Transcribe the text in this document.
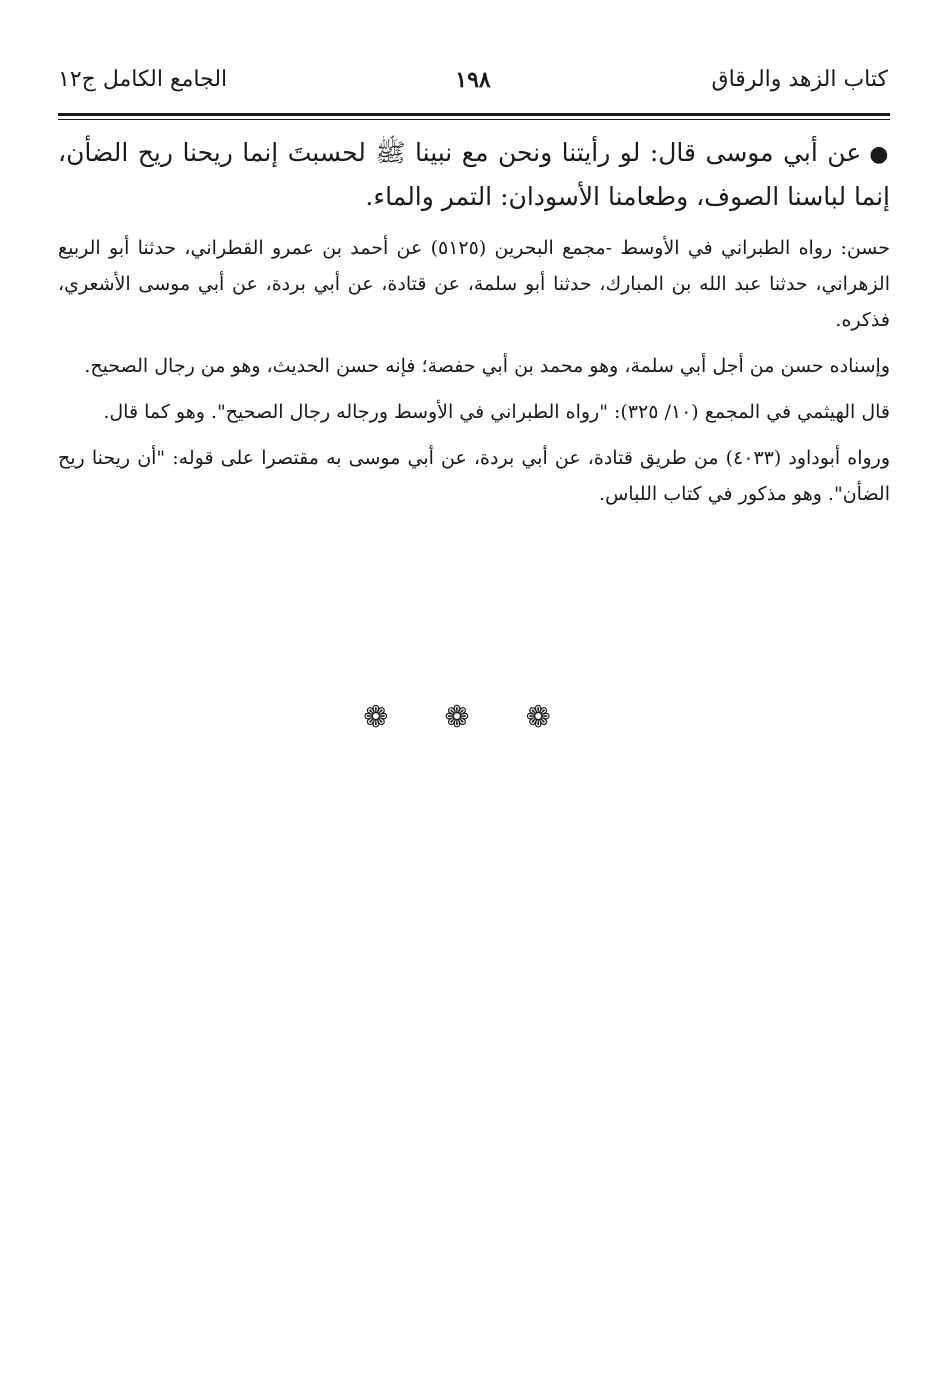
كتاب الزهد والرقاق
١٩٨
الجامع الكامل ج١٢

●عن أبي موسى قال: لو رأيتنا ونحن مع نبينا ﷺ لحسبتَ إنما ريحنا ريح الضأن، إنما لباسنا الصوف، وطعامنا الأسودان: التمر والماء.

حسن: رواه الطبراني في الأوسط -مجمع البحرين (٥١٢٥) عن أحمد بن عمرو القطراني، حدثنا أبو الربيع الزهراني، حدثنا عبد الله بن المبارك، حدثنا أبو سلمة، عن قتادة، عن أبي بردة، عن أبي موسى الأشعري، فذكره.

وإسناده حسن من أجل أبي سلمة، وهو محمد بن أبي حفصة؛ فإنه حسن الحديث، وهو من رجال الصحيح.

قال الهيثمي في المجمع (١٠/ ٣٢٥): "رواه الطبراني في الأوسط ورجاله رجال الصحيح". وهو كما قال.

ورواه أبوداود (٤٠٣٣) من طريق قتادة، عن أبي بردة، عن أبي موسى به مقتصرا على قوله: "أن ريحنا ريح الضأن". وهو مذكور في كتاب اللباس.

❁❁❁
